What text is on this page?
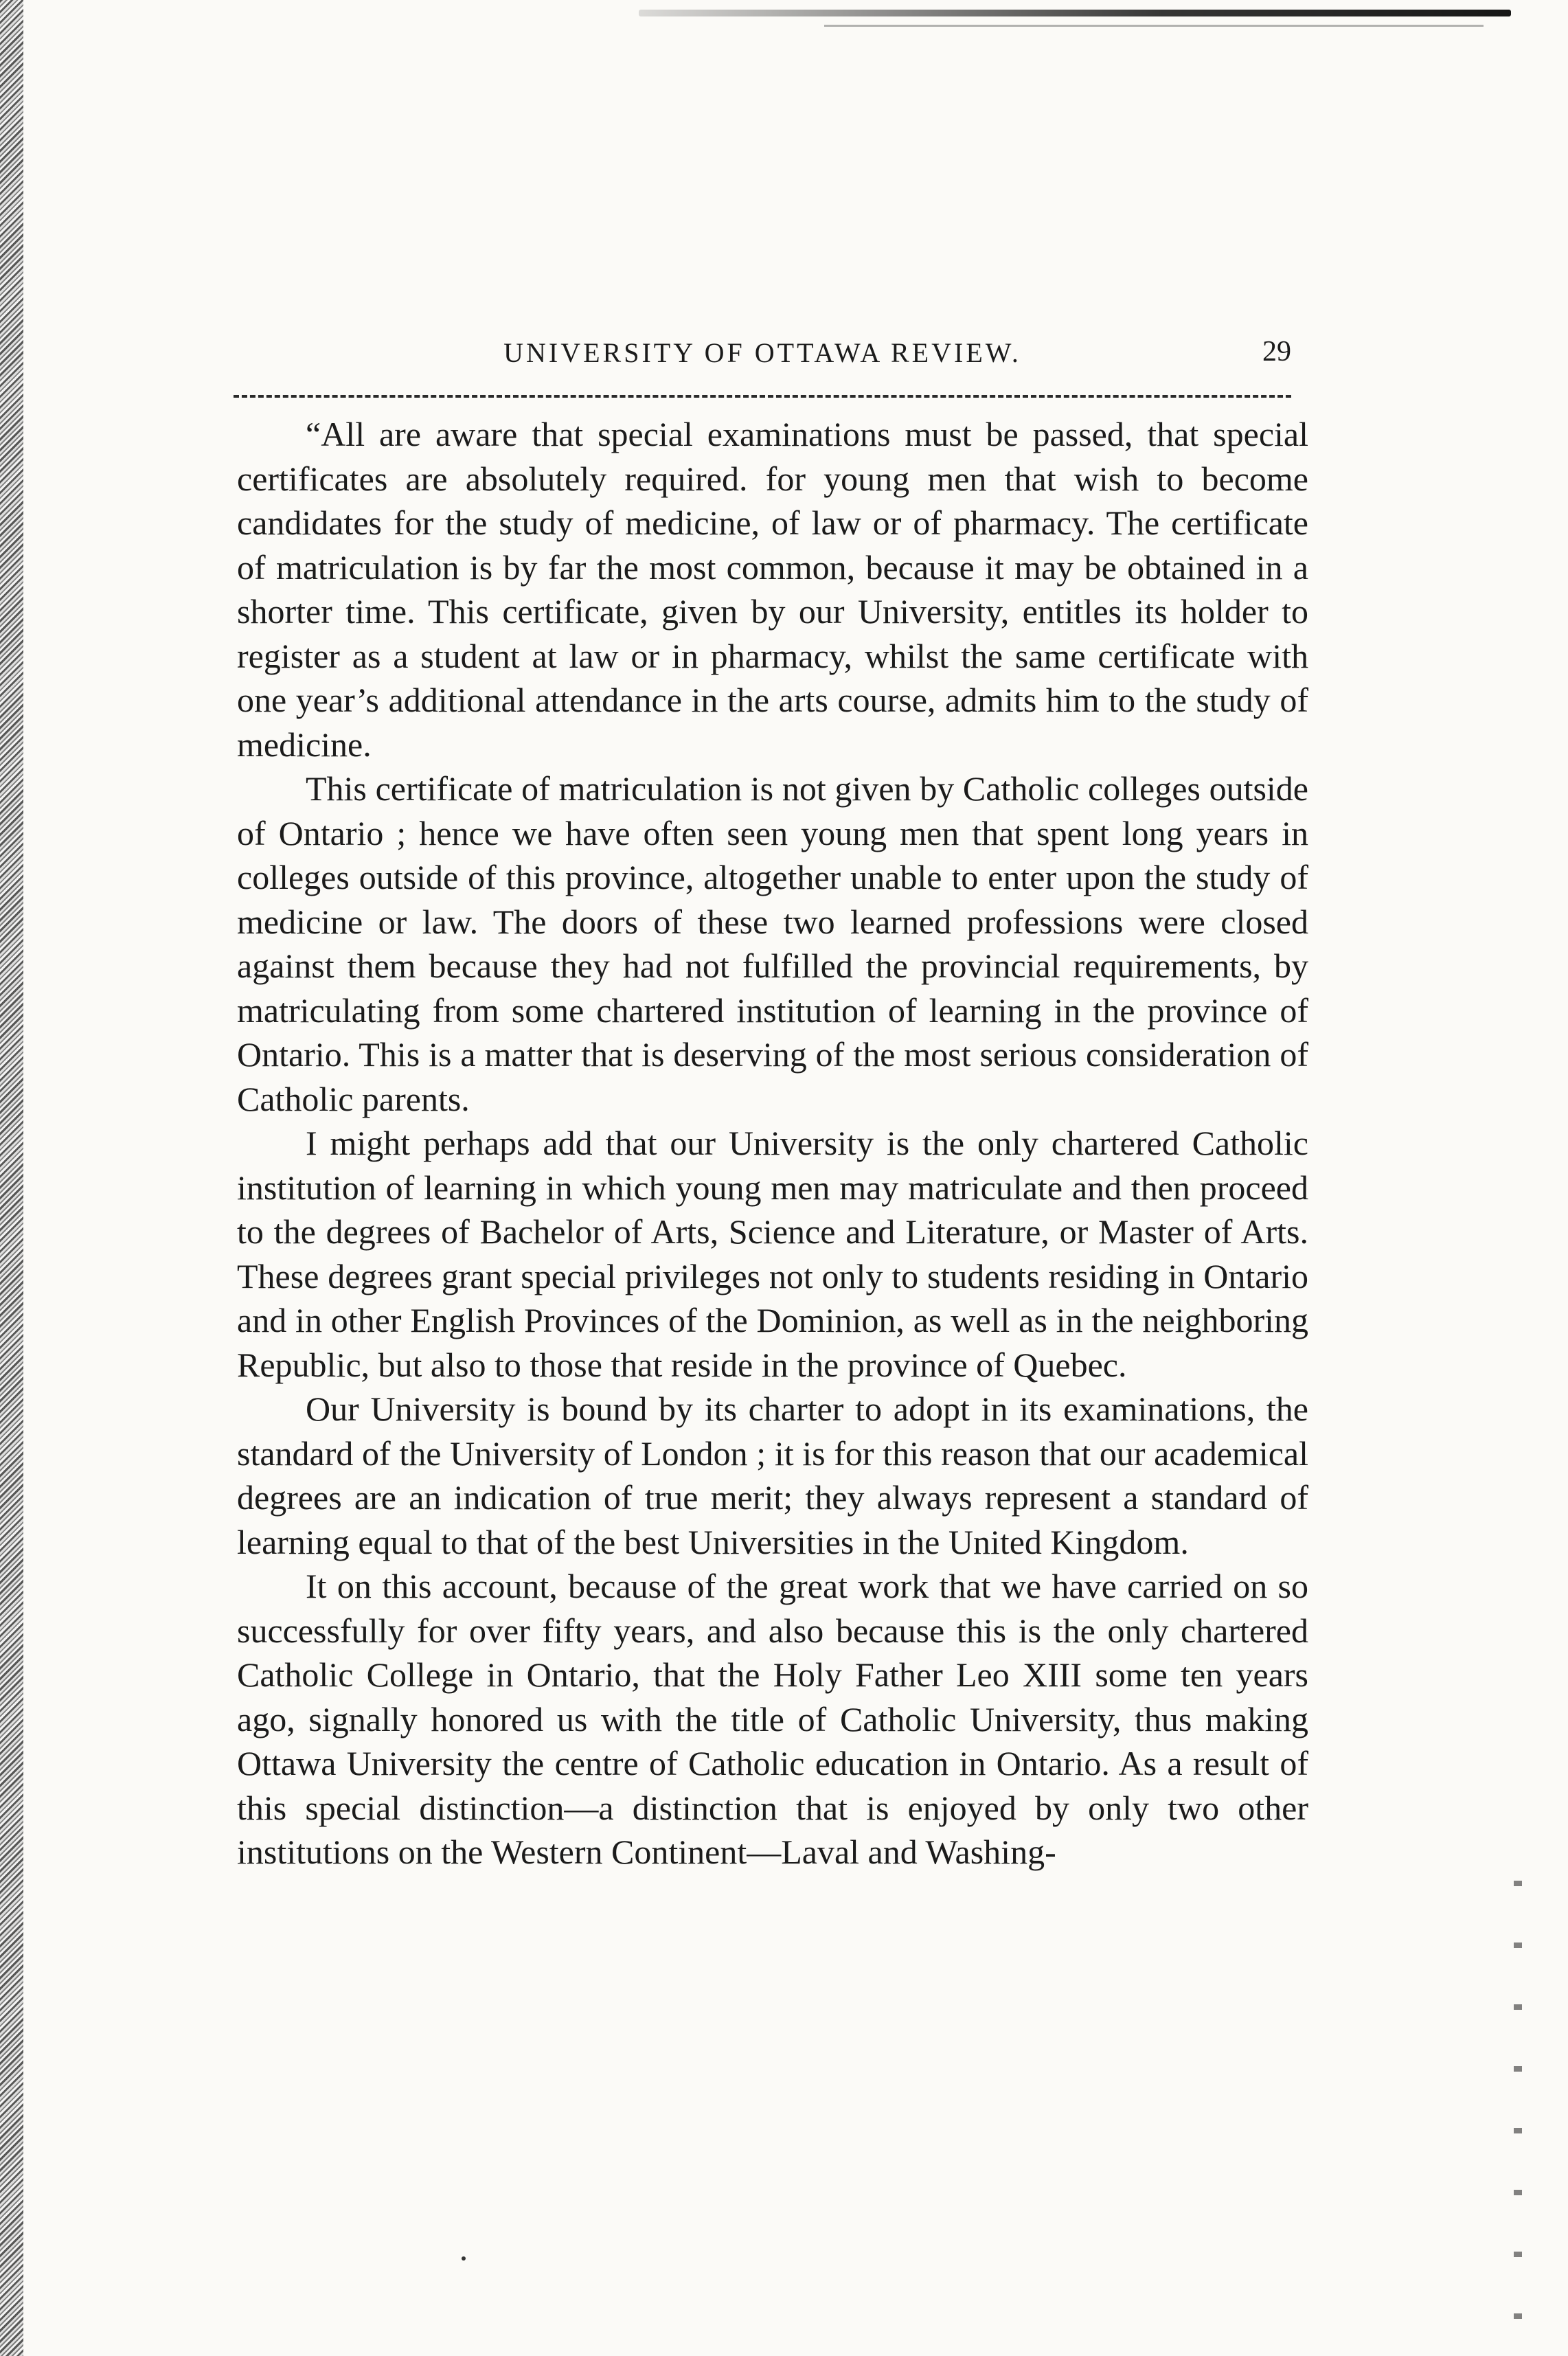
UNIVERSITY OF OTTAWA REVIEW.	29

“All are aware that special examinations must be passed, that special certificates are absolutely required. for young men that wish to become candidates for the study of medicine, of law or of pharmacy. The certificate of matriculation is by far the most common, because it may be obtained in a shorter time. This certificate, given by our University, entitles its holder to register as a student at law or in pharmacy, whilst the same certificate with one year’s additional attendance in the arts course, admits him to the study of medicine.

This certificate of matriculation is not given by Catholic colleges outside of Ontario ; hence we have often seen young men that spent long years in colleges outside of this province, altogether unable to enter upon the study of medicine or law. The doors of these two learned professions were closed against them because they had not fulfilled the provincial requirements, by matriculating from some chartered institution of learning in the province of Ontario. This is a matter that is deserving of the most serious consideration of Catholic parents.

I might perhaps add that our University is the only chartered Catholic institution of learning in which young men may matriculate and then proceed to the degrees of Bachelor of Arts, Science and Literature, or Master of Arts. These degrees grant special privileges not only to students residing in Ontario and in other English Provinces of the Dominion, as well as in the neighboring Republic, but also to those that reside in the province of Quebec.

Our University is bound by its charter to adopt in its examinations, the standard of the University of London ; it is for this reason that our academical degrees are an indication of true merit; they always represent a standard of learning equal to that of the best Universities in the United Kingdom.

It on this account, because of the great work that we have carried on so successfully for over fifty years, and also because this is the only chartered Catholic College in Ontario, that the Holy Father Leo XIII some ten years ago, signally honored us with the title of Catholic University, thus making Ottawa University the centre of Catholic education in Ontario. As a result of this special distinction—a distinction that is enjoyed by only two other institutions on the Western Continent—Laval and Washing-
